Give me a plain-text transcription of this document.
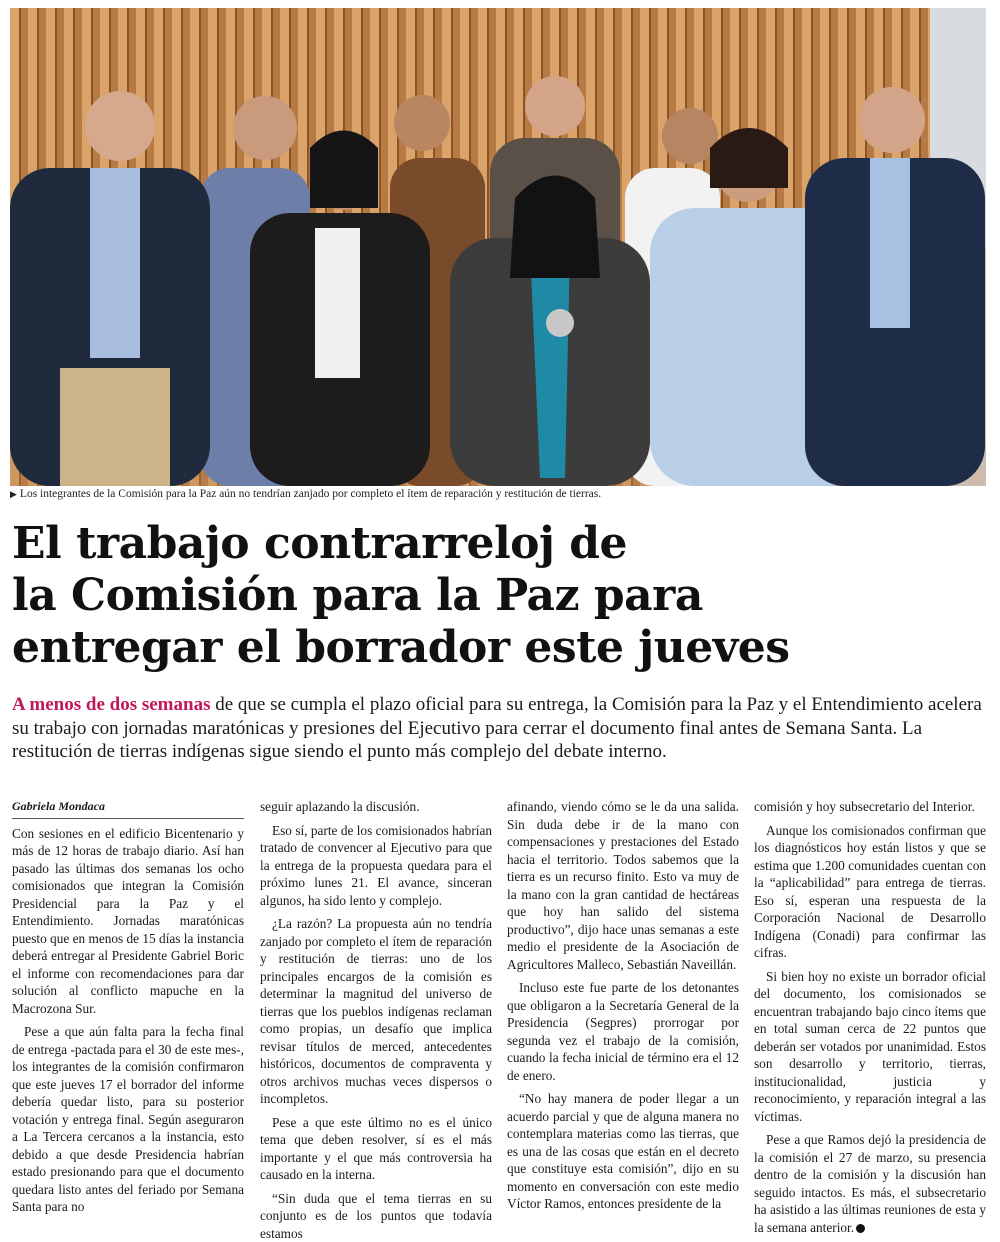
▶ Los integrantes de la Comisión para la Paz aún no tendrían zanjado por completo el ítem de reparación y restitución de tierras.
El trabajo contrarreloj de
la Comisión para la Paz para
entregar el borrador este jueves

A menos de dos semanas de que se cumpla el plazo oficial para su entrega, la Comisión para la Paz y el Entendimiento acelera su trabajo con jornadas maratónicas y presiones del Ejecutivo para cerrar el documento final antes de Semana Santa. La restitución de tierras indígenas sigue siendo el punto más complejo del debate interno.

Gabriela Mondaca

Con sesiones en el edificio Bicentenario y más de 12 horas de trabajo diario. Así han pasado las últimas dos semanas los ocho comisionados que integran la Comisión Presidencial para la Paz y el Entendimiento. Jornadas maratónicas puesto que en menos de 15 días la instancia deberá entregar al Presidente Gabriel Boric el informe con recomendaciones para dar solución al conflicto mapuche en la Macrozona Sur.

Pese a que aún falta para la fecha final de entrega -pactada para el 30 de este mes-, los integrantes de la comisión confirmaron que este jueves 17 el borrador del informe debería quedar listo, para su posterior votación y entrega final. Según aseguraron a La Tercera cercanos a la instancia, esto debido a que desde Presidencia habrían estado presionando para que el documento quedara listo antes del feriado por Semana Santa para no

seguir aplazando la discusión.

Eso sí, parte de los comisionados habrían tratado de convencer al Ejecutivo para que la entrega de la propuesta quedara para el próximo lunes 21. El avance, sinceran algunos, ha sido lento y complejo.

¿La razón? La propuesta aún no tendría zanjado por completo el ítem de reparación y restitución de tierras: uno de los principales encargos de la comisión es determinar la magnitud del universo de tierras que los pueblos indígenas reclaman como propias, un desafío que implica revisar títulos de merced, antecedentes históricos, documentos de compraventa y otros archivos muchas veces dispersos o incompletos.

Pese a que este último no es el único tema que deben resolver, sí es el más importante y el que más controversia ha causado en la interna.

“Sin duda que el tema tierras en su conjunto es de los puntos que todavía estamos

afinando, viendo cómo se le da una salida. Sin duda debe ir de la mano con compensaciones y prestaciones del Estado hacia el territorio. Todos sabemos que la tierra es un recurso finito. Esto va muy de la mano con la gran cantidad de hectáreas que hoy han salido del sistema productivo”, dijo hace unas semanas a este medio el presidente de la Asociación de Agricultores Malleco, Sebastián Naveillán.

Incluso este fue parte de los detonantes que obligaron a la Secretaría General de la Presidencia (Segpres) prorrogar por segunda vez el trabajo de la comisión, cuando la fecha inicial de término era el 12 de enero.

“No hay manera de poder llegar a un acuerdo parcial y que de alguna manera no contemplara materias como las tierras, que es una de las cosas que están en el decreto que constituye esta comisión”, dijo en su momento en conversación con este medio Víctor Ramos, entonces presidente de la

comisión y hoy subsecretario del Interior.

Aunque los comisionados confirman que los diagnósticos hoy están listos y que se estima que 1.200 comunidades cuentan con la “aplicabilidad” para entrega de tierras. Eso sí, esperan una respuesta de la Corporación Nacional de Desarrollo Indígena (Conadi) para confirmar las cifras.

Si bien hoy no existe un borrador oficial del documento, los comisionados se encuentran trabajando bajo cinco ítems que en total suman cerca de 22 puntos que deberán ser votados por unanimidad. Estos son desarrollo y territorio, tierras, institucionalidad, justicia y reconocimiento, y reparación integral a las víctimas.

Pese a que Ramos dejó la presidencia de la comisión el 27 de marzo, su presencia dentro de la comisión y la discusión han seguido intactos. Es más, el subsecretario ha asistido a las últimas reuniones de esta y la semana anterior.
